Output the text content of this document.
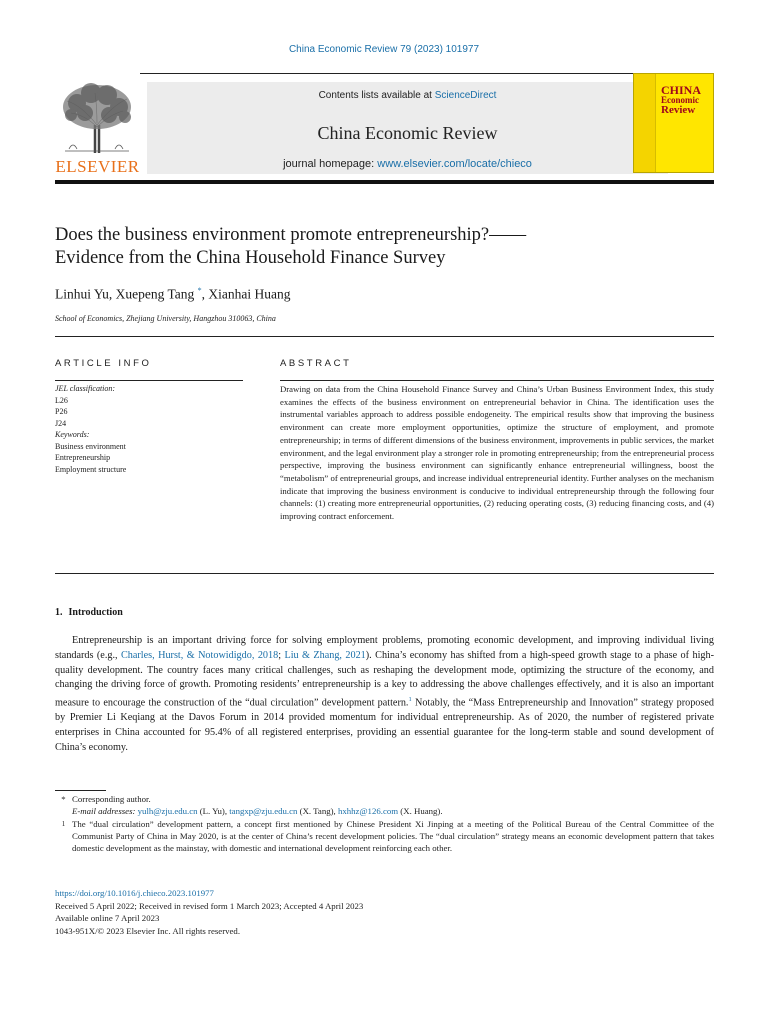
China Economic Review 79 (2023) 101977
ELSEVIER
Contents lists available at ScienceDirect
China Economic Review
journal homepage: www.elsevier.com/locate/chieco
CHINA
Economic
Review
Does the business environment promote entrepreneurship?——
Evidence from the China Household Finance Survey
Linhui Yu, Xuepeng Tang *, Xianhai Huang
School of Economics, Zhejiang University, Hangzhou 310063, China
ARTICLE INFO	ABSTRACT
JEL classification:
L26
P26
J24
Keywords:
Business environment
Entrepreneurship
Employment structure
Drawing on data from the China Household Finance Survey and China’s Urban Business Environment Index, this study examines the effects of the business environment on entrepreneurial behavior in China. The identification uses the instrumental variables approach to address possible endogeneity. The empirical results show that improving the business environment can create more employment opportunities, optimize the structure of employment, and promote entrepreneurship; in terms of different dimensions of the business environment, improvements in public services, the market environment, and the legal environment play a stronger role in promoting entrepreneurship; from the entrepreneurial process perspective, improving the business environment can significantly enhance entrepreneurial willingness, boost the “metabolism” of entrepreneurial groups, and increase individual entrepreneurial identity. Further analyses on the mechanism indicate that improving the business environment is conducive to individual entrepreneurship through the following four channels: (1) creating more entrepreneurial opportunities, (2) reducing operating costs, (3) reducing financing costs, and (4) improving contract enforcement.
1. Introduction
Entrepreneurship is an important driving force for solving employment problems, promoting economic development, and improving individual living standards (e.g., Charles, Hurst, & Notowidigdo, 2018; Liu & Zhang, 2021). China’s economy has shifted from a high-speed growth stage to a phase of high-quality development. The country faces many critical challenges, such as reshaping the development mode, optimizing the structure of the economy, and changing the driving force of growth. Promoting residents’ entrepreneurship is a key to addressing the above challenges effectively, and it is also an important measure to encourage the construction of the “dual circulation” development pattern.$^1$ Notably, the “Mass Entrepreneurship and Innovation” strategy proposed by Premier Li Keqiang at the Davos Forum in 2014 provided momentum for individual entrepreneurship. As of 2020, the number of registered private enterprises in China accounted for 95.4% of all registered enterprises, providing an essential guarantee for the long-term stable and sound development of China’s economy.
* Corresponding author.
E-mail addresses: yulh@zju.edu.cn (L. Yu), tangxp@zju.edu.cn (X. Tang), hxhhz@126.com (X. Huang).
1 The “dual circulation” development pattern, a concept first mentioned by Chinese President Xi Jinping at a meeting of the Political Bureau of the Central Committee of the Communist Party of China in May 2020, is at the center of China’s recent development policies. The “dual circulation” strategy means an economic development pattern that takes domestic development as the mainstay, with domestic and international development reinforcing each other.
https://doi.org/10.1016/j.chieco.2023.101977
Received 5 April 2022; Received in revised form 1 March 2023; Accepted 4 April 2023
Available online 7 April 2023
1043-951X/© 2023 Elsevier Inc. All rights reserved.
